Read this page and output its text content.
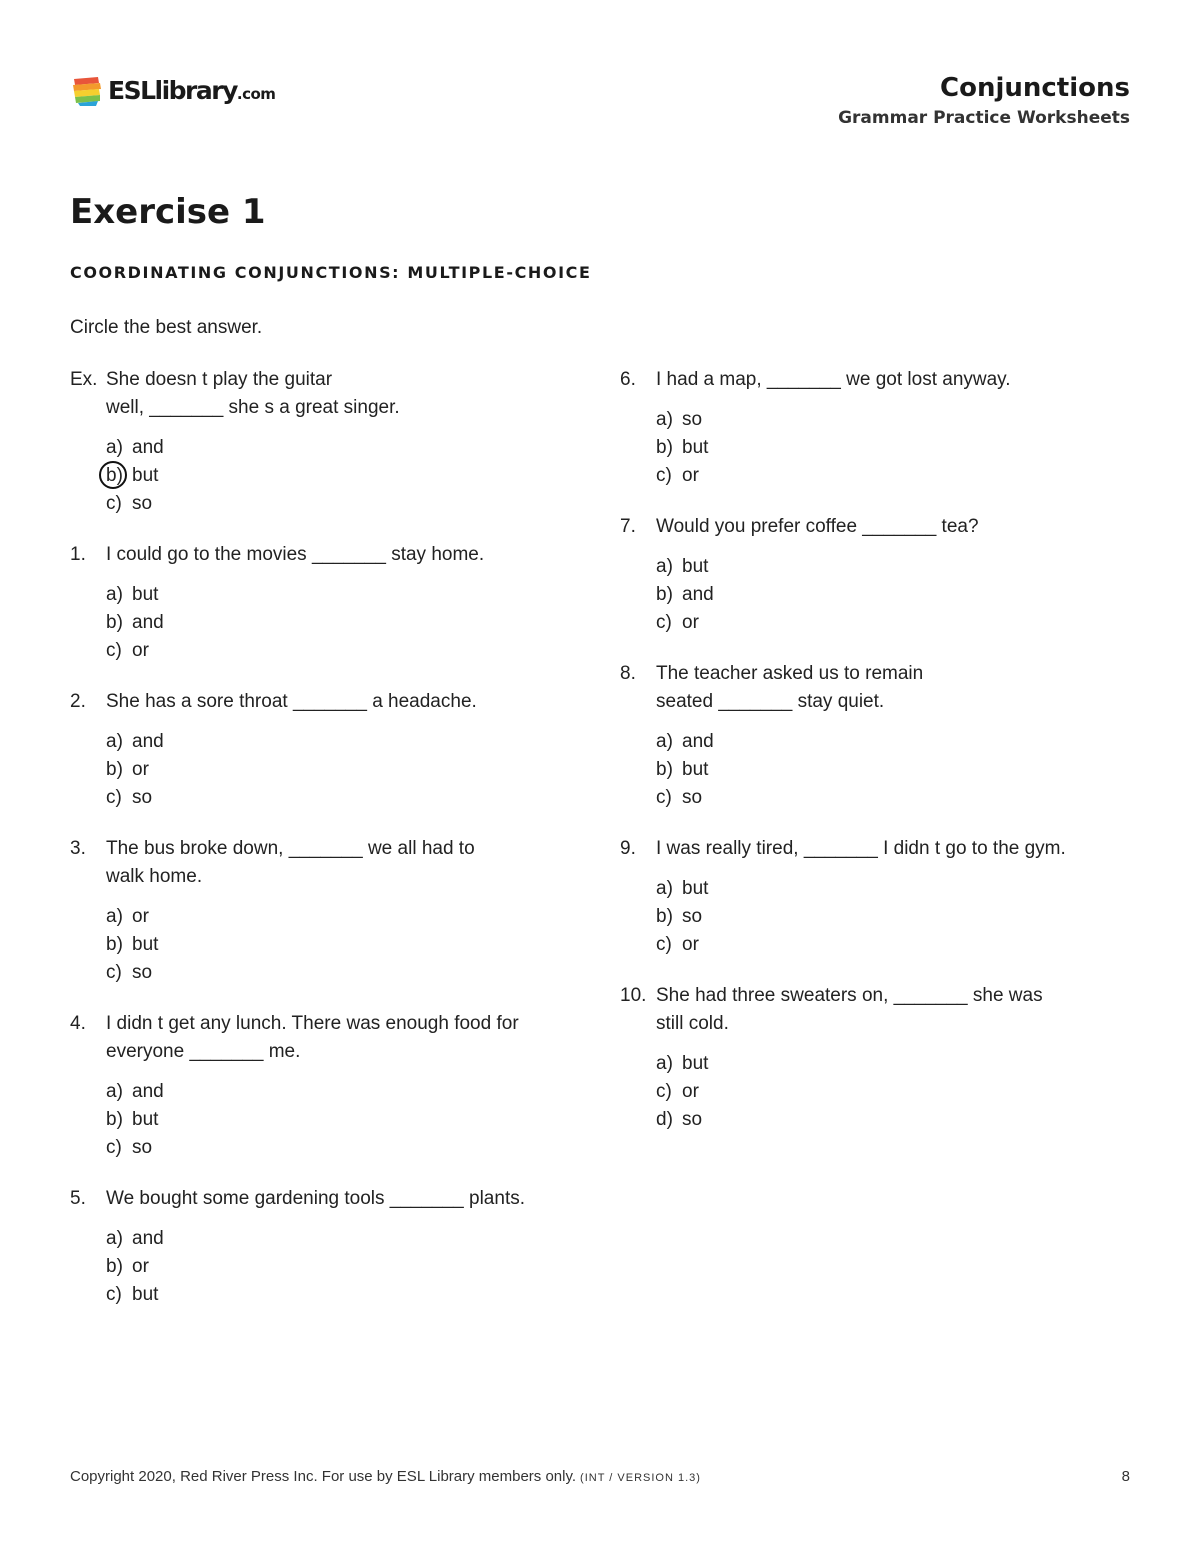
ESLlibrary.com	Conjunctions
Grammar Practice Worksheets
Exercise 1
COORDINATING CONJUNCTIONS: MULTIPLE-CHOICE
Circle the best answer.
Ex. She doesn t play the guitar
well, _______ she s a great singer.
a) and
b) but
c) so
1. I could go to the movies _______ stay home.
a) but
b) and
c) or
2. She has a sore throat _______ a headache.
a) and
b) or
c) so
3. The bus broke down, _______ we all had to
walk home.
a) or
b) but
c) so
4. I didn t get any lunch. There was enough food for
everyone _______ me.
a) and
b) but
c) so
5. We bought some gardening tools _______ plants.
a) and
b) or
c) but
6. I had a map, _______ we got lost anyway.
a) so
b) but
c) or
7. Would you prefer coffee _______ tea?
a) but
b) and
c) or
8. The teacher asked us to remain
seated _______ stay quiet.
a) and
b) but
c) so
9. I was really tired, _______ I didn t go to the gym.
a) but
b) so
c) or
10. She had three sweaters on, _______ she was
still cold.
a) but
c) or
d) so
Copyright 2020, Red River Press Inc. For use by ESL Library members only. (INT / VERSION 1.3)	8
